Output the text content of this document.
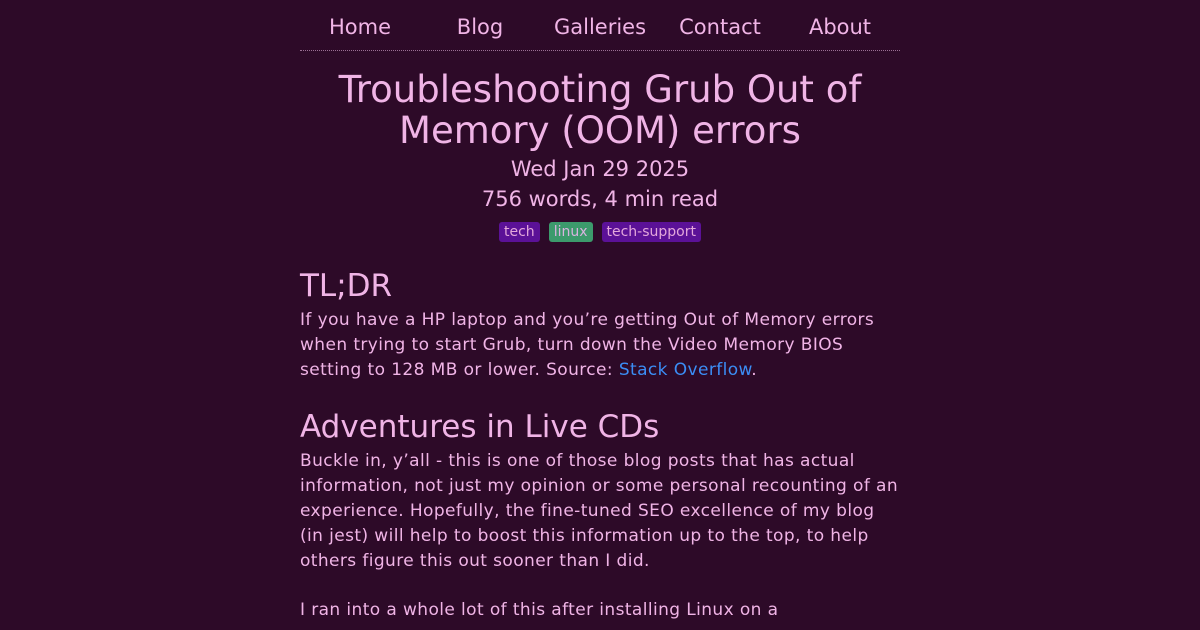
Home	Blog	Galleries	Contact	About
Troubleshooting Grub Out of Memory (OOM) errors
Wed Jan 29 2025
756 words, 4 min read
tech	linux	tech-support
TL;DR

If you have a HP laptop and you’re getting Out of Memory errors when trying to start Grub, turn down the Video Memory BIOS setting to 128 MB or lower. Source: Stack Overflow.

Adventures in Live CDs

Buckle in, y’all - this is one of those blog posts that has actual information, not just my opinion or some personal recounting of an experience. Hopefully, the fine-tuned SEO excellence of my blog (in jest) will help to boost this information up to the top, to help others figure this out sooner than I did.

I ran into a whole lot of this after installing Linux on a
